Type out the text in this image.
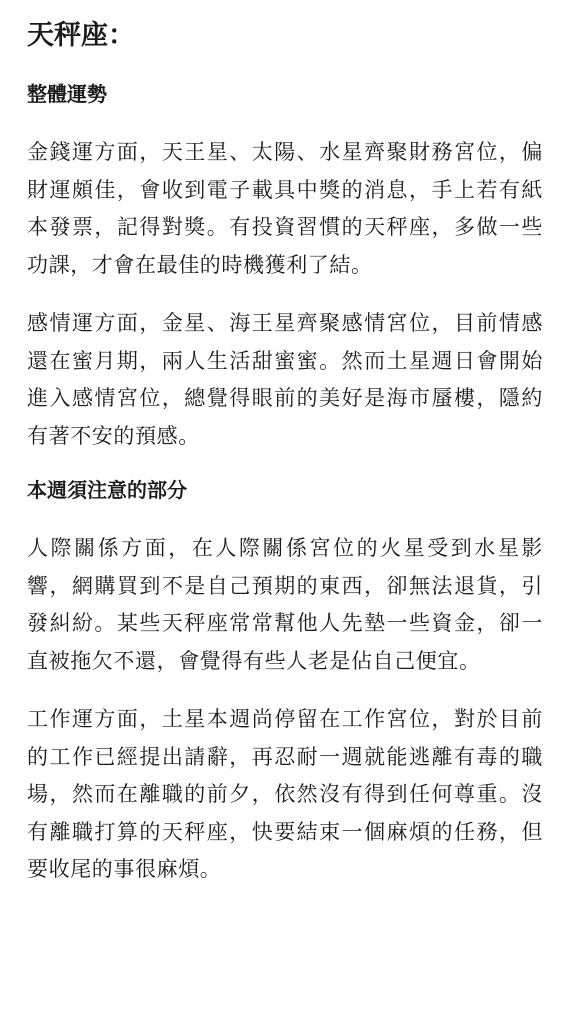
天秤座：
整體運勢

金錢運方面，天王星、太陽、水星齊聚財務宮位，偏財運頗佳，會收到電子載具中獎的消息，手上若有紙本發票，記得對獎。有投資習慣的天秤座，多做一些功課，才會在最佳的時機獲利了結。

感情運方面，金星、海王星齊聚感情宮位，目前情感還在蜜月期，兩人生活甜蜜蜜。然而土星週日會開始進入感情宮位，總覺得眼前的美好是海市蜃樓，隱約有著不安的預感。

本週須注意的部分

人際關係方面，在人際關係宮位的火星受到水星影響，網購買到不是自己預期的東西，卻無法退貨，引發糾紛。某些天秤座常常幫他人先墊一些資金，卻一直被拖欠不還，會覺得有些人老是佔自己便宜。

工作運方面，土星本週尚停留在工作宮位，對於目前的工作已經提出請辭，再忍耐一週就能逃離有毒的職場，然而在離職的前夕，依然沒有得到任何尊重。沒有離職打算的天秤座，快要結束一個麻煩的任務，但要收尾的事很麻煩。
